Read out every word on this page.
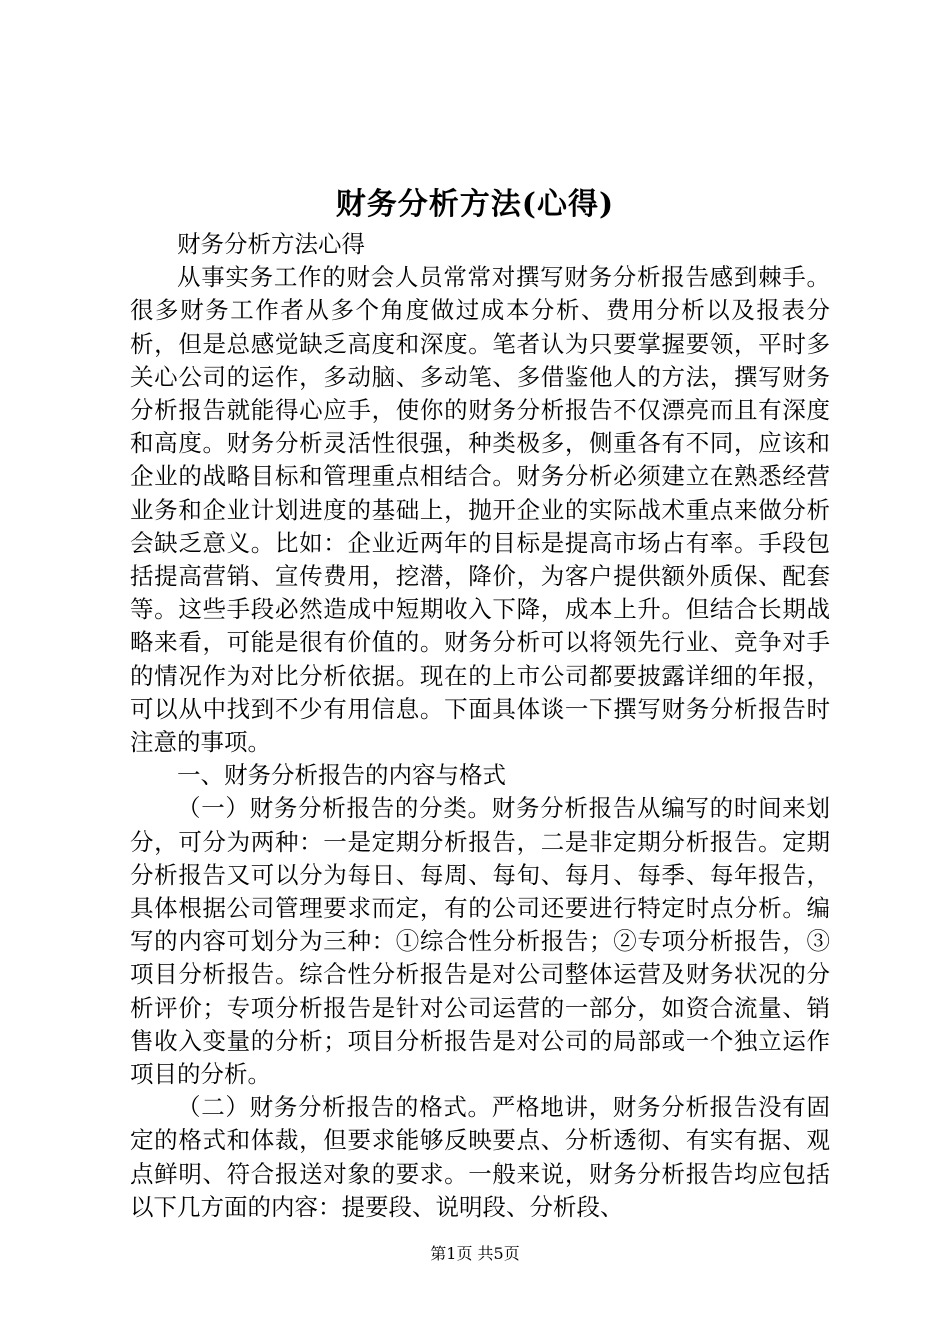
财务分析方法(心得)

财务分析方法心得

从事实务工作的财会人员常常对撰写财务分析报告感到棘手。很多财务工作者从多个角度做过成本分析、费用分析以及报表分析，但是总感觉缺乏高度和深度。笔者认为只要掌握要领，平时多关心公司的运作，多动脑、多动笔、多借鉴他人的方法，撰写财务分析报告就能得心应手，使你的财务分析报告不仅漂亮而且有深度和高度。财务分析灵活性很强，种类极多，侧重各有不同，应该和企业的战略目标和管理重点相结合。财务分析必须建立在熟悉经营业务和企业计划进度的基础上，抛开企业的实际战术重点来做分析会缺乏意义。比如：企业近两年的目标是提高市场占有率。手段包括提高营销、宣传费用，挖潜，降价，为客户提供额外质保、配套等。这些手段必然造成中短期收入下降，成本上升。但结合长期战略来看，可能是很有价值的。财务分析可以将领先行业、竞争对手的情况作为对比分析依据。现在的上市公司都要披露详细的年报，可以从中找到不少有用信息。下面具体谈一下撰写财务分析报告时注意的事项。

一、财务分析报告的内容与格式

（一）财务分析报告的分类。财务分析报告从编写的时间来划分，可分为两种：一是定期分析报告，二是非定期分析报告。定期分析报告又可以分为每日、每周、每旬、每月、每季、每年报告，具体根据公司管理要求而定，有的公司还要进行特定时点分析。编写的内容可划分为三种：①综合性分析报告；②专项分析报告，③项目分析报告。综合性分析报告是对公司整体运营及财务状况的分析评价；专项分析报告是针对公司运营的一部分，如资合流量、销售收入变量的分析；项目分析报告是对公司的局部或一个独立运作项目的分析。

（二）财务分析报告的格式。严格地讲，财务分析报告没有固定的格式和体裁，但要求能够反映要点、分析透彻、有实有据、观点鲜明、符合报送对象的要求。一般来说，财务分析报告均应包括以下几方面的内容：提要段、说明段、分析段、

第1页 共5页
